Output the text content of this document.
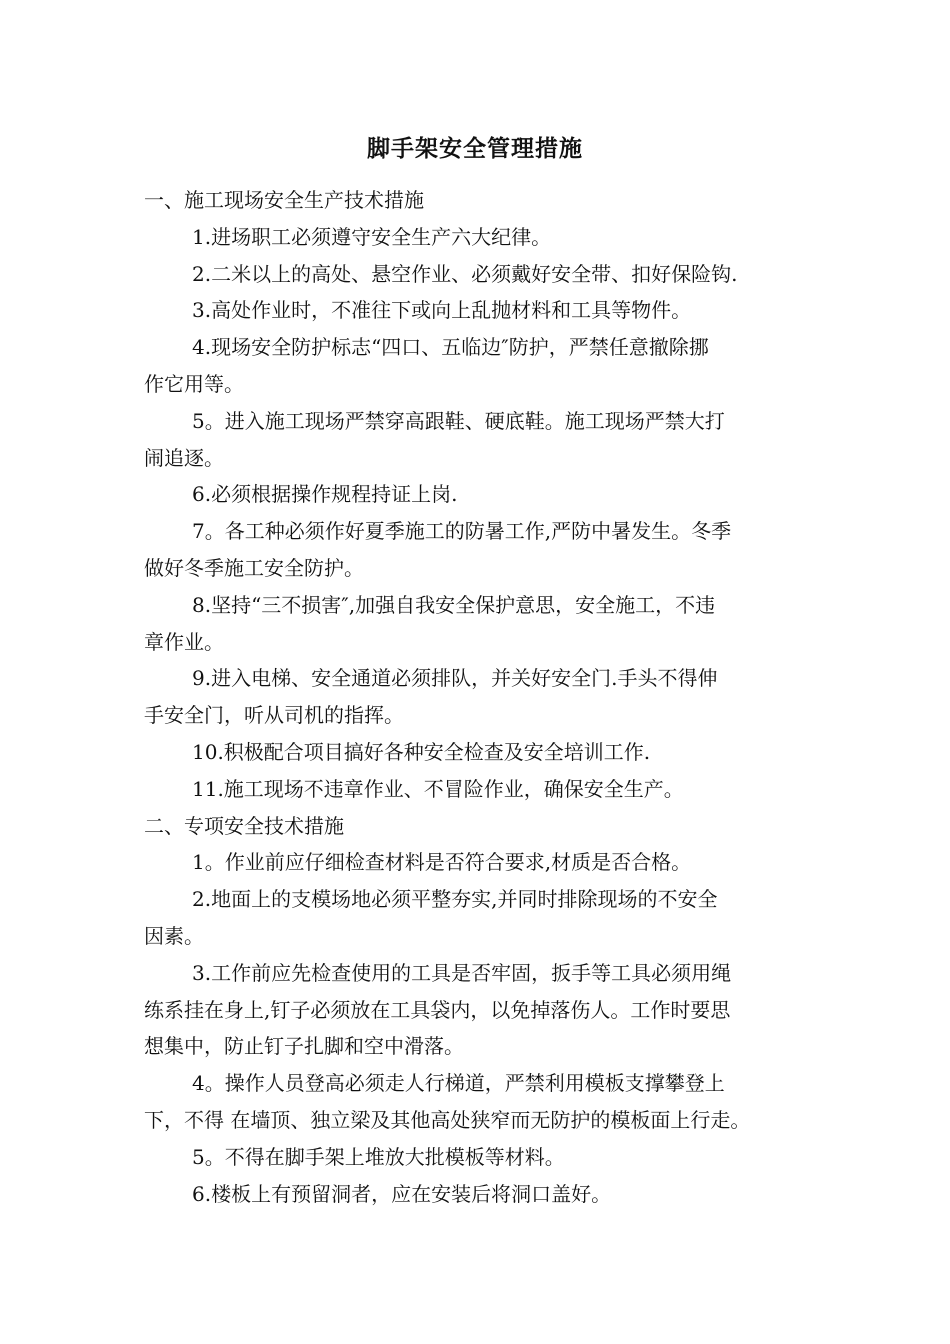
脚手架安全管理措施
一、施工现场安全生产技术措施
1.进场职工必须遵守安全生产六大纪律。
2.二米以上的高处、悬空作业、必须戴好安全带、扣好保险钩.
3.高处作业时，不准往下或向上乱抛材料和工具等物件。
4.现场安全防护标志“四口、五临边″防护，严禁任意撤除挪
作它用等。
5。进入施工现场严禁穿高跟鞋、硬底鞋。施工现场严禁大打
闹追逐。
6.必须根据操作规程持证上岗.
7。各工种必须作好夏季施工的防暑工作,严防中暑发生。冬季
做好冬季施工安全防护。
8.坚持“三不损害″,加强自我安全保护意思，安全施工，不违
章作业。
9.进入电梯、安全通道必须排队，并关好安全门.手头不得伸
手安全门，听从司机的指挥。
10.积极配合项目搞好各种安全检查及安全培训工作.
11.施工现场不违章作业、不冒险作业，确保安全生产。
二、专项安全技术措施
1。作业前应仔细检查材料是否符合要求,材质是否合格。
2.地面上的支模场地必须平整夯实,并同时排除现场的不安全
因素。
3.工作前应先检查使用的工具是否牢固，扳手等工具必须用绳
练系挂在身上,钉子必须放在工具袋内，以免掉落伤人。工作时要思
想集中，防止钉子扎脚和空中滑落。
4。操作人员登高必须走人行梯道，严禁利用模板支撑攀登上
下，不得 在墙顶、独立梁及其他高处狭窄而无防护的模板面上行走。
5。不得在脚手架上堆放大批模板等材料。
6.楼板上有预留洞者，应在安装后将洞口盖好。
